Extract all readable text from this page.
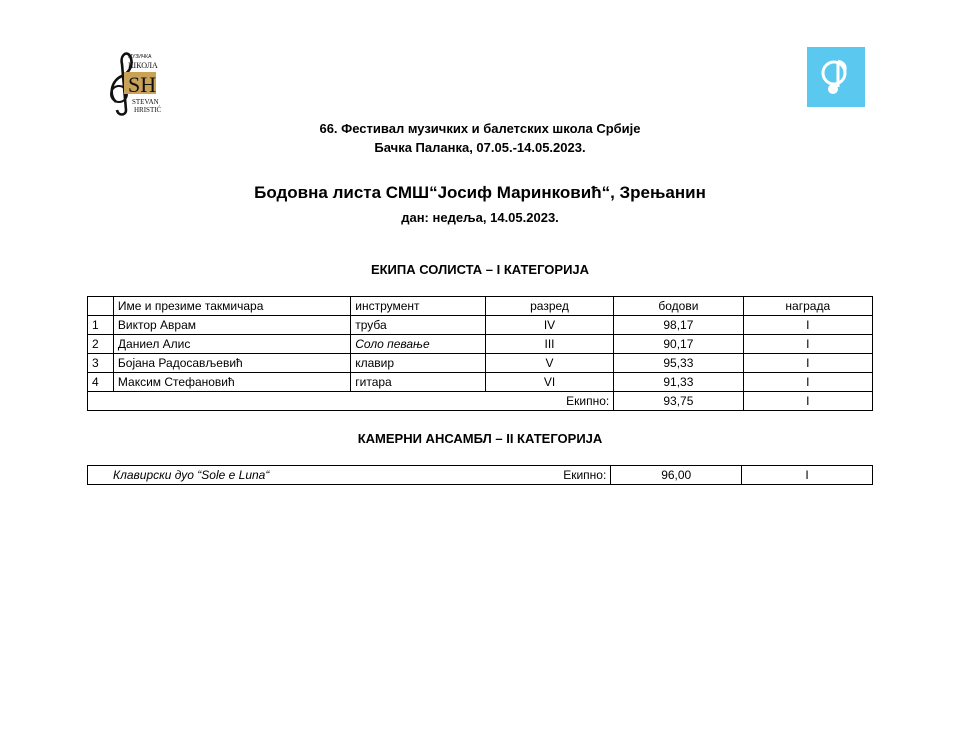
SH
МУЗИЧКА
ШКОЛА
STEVAN
HRISTIĆ
66. Фестивал музичких и балетских школа Србије
Бачка Паланка, 07.05.-14.05.2023.
Бодовна листа СМШ“Јосиф Маринковић“, Зрењанин
дан: недеља, 14.05.2023.
ЕКИПА СОЛИСТА – I КАТЕГОРИЈА
	Име и презиме такмичара	инструмент	разред	бодови	награда
1	Виктор Аврам	труба	IV	98,17	I
2	Даниел Алис	Соло певање	III	90,17	I
3	Бојана Радосављевић	клавир	V	95,33	I
4	Максим Стефановић	гитара	VI	91,33	I
Екипно:				93,75	I
КАМЕРНИ АНСАМБЛ – II КАТЕГОРИЈА
Клавирски дуо “Sole e Luna“	Екипно:	96,00	I
